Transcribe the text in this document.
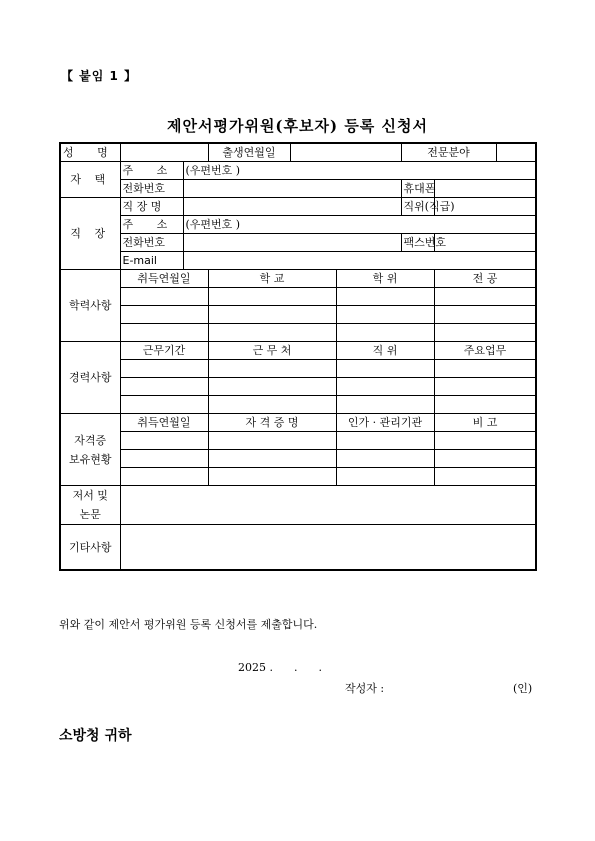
【 붙임 1 】
제안서평가위원(후보자) 등록 신청서
성 명			출생연월일			전문분야		
자 택	주 소	(우편번호 )						
	전화번호					휴대폰		
직 장	직 장 명					직위(직급)		
	주 소	(우편번호 )						
	전화번호					팩스번호		
	E-mail							
학력사항	취득연월일		학 교		학 위		전 공	

경력사항	근무기간		근 무 처		직 위		주요업무	

자격증
보유현황	취득연월일		자 격 증 명		인가 · 관리기관		비 고	

저서 및
논문								
기타사항								
위와 같이 제안서 평가위원 등록 신청서를 제출합니다.
2025 .      .      .
작성자 :	(인)
소방청 귀하
